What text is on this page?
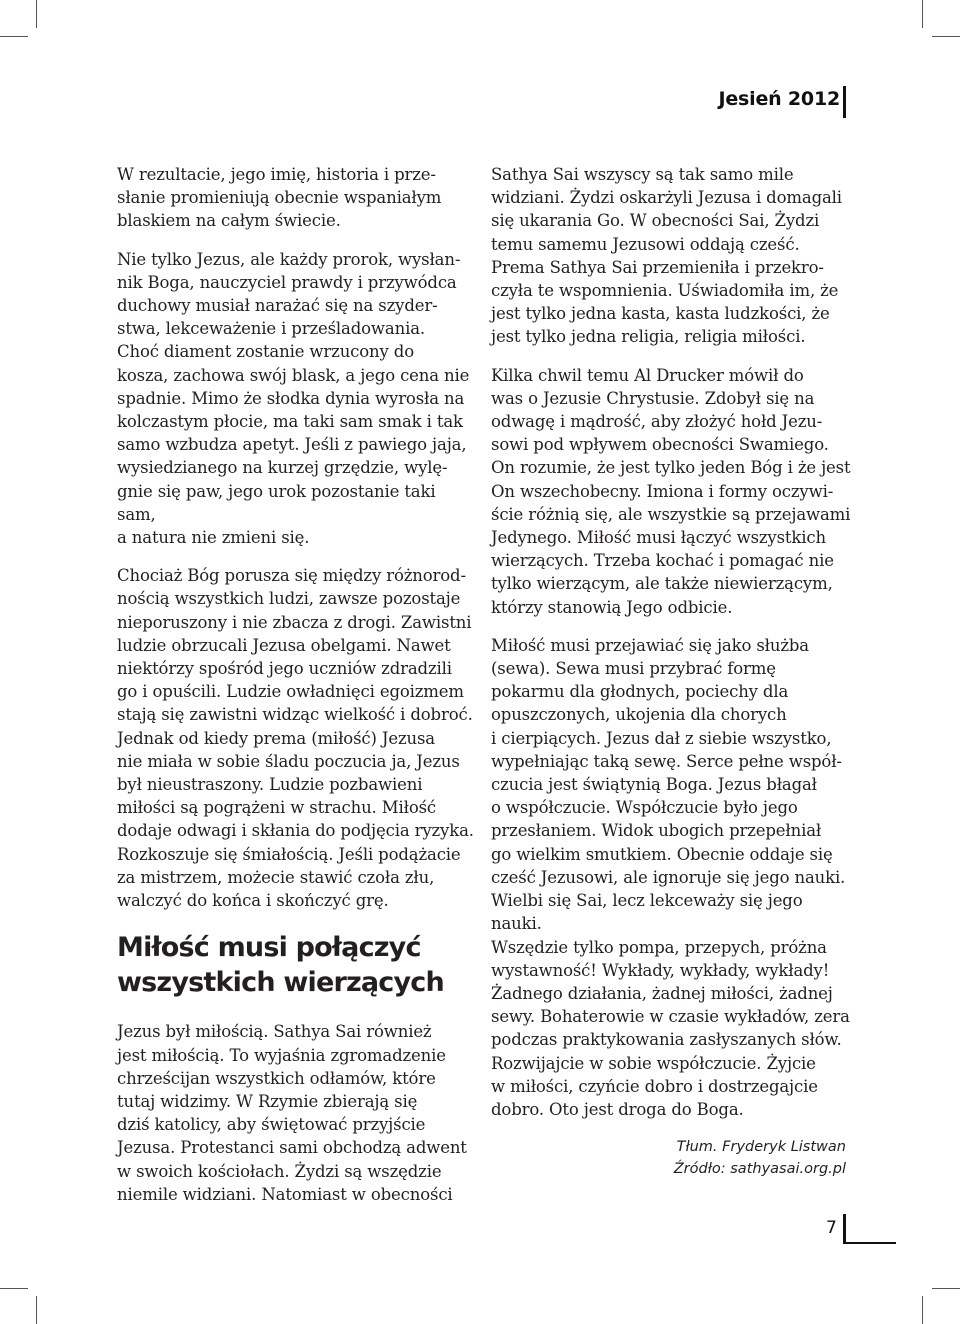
Jesień 2012

W rezultacie, jego imię, historia i prze-
słanie promieniują obecnie wspaniałym
blaskiem na całym świecie.

Nie tylko Jezus, ale każdy prorok, wysłan-
nik Boga, nauczyciel prawdy i przywódca
duchowy musiał narażać się na szyder-
stwa, lekceważenie i prześladowania.
Choć diament zostanie wrzucony do
kosza, zachowa swój blask, a jego cena nie
spadnie. Mimo że słodka dynia wyrosła na
kolczastym płocie, ma taki sam smak i tak
samo wzbudza apetyt. Jeśli z pawiego jaja,
wysiedzianego na kurzej grzędzie, wylę-
gnie się paw, jego urok pozostanie taki sam,
a natura nie zmieni się.

Chociaż Bóg porusza się między różnorod-
nością wszystkich ludzi, zawsze pozostaje
nieporuszony i nie zbacza z drogi. Zawistni
ludzie obrzucali Jezusa obelgami. Nawet
niektórzy spośród jego uczniów zdradzili
go i opuścili. Ludzie owładnięci egoizmem
stają się zawistni widząc wielkość i dobroć.
Jednak od kiedy prema (miłość) Jezusa
nie miała w sobie śladu poczucia ja, Jezus
był nieustraszony. Ludzie pozbawieni
miłości są pogrążeni w strachu. Miłość
dodaje odwagi i skłania do podjęcia ryzyka.
Rozkoszuje się śmiałością. Jeśli podążacie
za mistrzem, możecie stawić czoła złu,
walczyć do końca i skończyć grę.

Miłość musi połączyć
wszystkich wierzących

Jezus był miłością. Sathya Sai również
jest miłością. To wyjaśnia zgromadzenie
chrześcijan wszystkich odłamów, które
tutaj widzimy. W Rzymie zbierają się
dziś katolicy, aby świętować przyjście
Jezusa. Protestanci sami obchodzą adwent
w swoich kościołach. Żydzi są wszędzie
niemile widziani. Natomiast w obecności

Sathya Sai wszyscy są tak samo mile
widziani. Żydzi oskarżyli Jezusa i domagali
się ukarania Go. W obecności Sai, Żydzi
temu samemu Jezusowi oddają cześć.
Prema Sathya Sai przemieniła i przekro-
czyła te wspomnienia. Uświadomiła im, że
jest tylko jedna kasta, kasta ludzkości, że
jest tylko jedna religia, religia miłości.

Kilka chwil temu Al Drucker mówił do
was o Jezusie Chrystusie. Zdobył się na
odwagę i mądrość, aby złożyć hołd Jezu-
sowi pod wpływem obecności Swamiego.
On rozumie, że jest tylko jeden Bóg i że jest
On wszechobecny. Imiona i formy oczywi-
ście różnią się, ale wszystkie są przejawami
Jedynego. Miłość musi łączyć wszystkich
wierzących. Trzeba kochać i pomagać nie
tylko wierzącym, ale także niewierzącym,
którzy stanowią Jego odbicie.

Miłość musi przejawiać się jako służba
(sewa). Sewa musi przybrać formę
pokarmu dla głodnych, pociechy dla
opuszczonych, ukojenia dla chorych
i cierpiących. Jezus dał z siebie wszystko,
wypełniając taką sewę. Serce pełne współ-
czucia jest świątynią Boga. Jezus błagał
o współczucie. Współczucie było jego
przesłaniem. Widok ubogich przepełniał
go wielkim smutkiem. Obecnie oddaje się
cześć Jezusowi, ale ignoruje się jego nauki.
Wielbi się Sai, lecz lekceważy się jego nauki.
Wszędzie tylko pompa, przepych, próżna
wystawność! Wykłady, wykłady, wykłady!
Żadnego działania, żadnej miłości, żadnej
sewy. Bohaterowie w czasie wykładów, zera
podczas praktykowania zasłyszanych słów.
Rozwijajcie w sobie współczucie. Żyjcie
w miłości, czyńcie dobro i dostrzegajcie
dobro. Oto jest droga do Boga.

Tłum. Fryderyk Listwan
Źródło: sathyasai.org.pl
7
